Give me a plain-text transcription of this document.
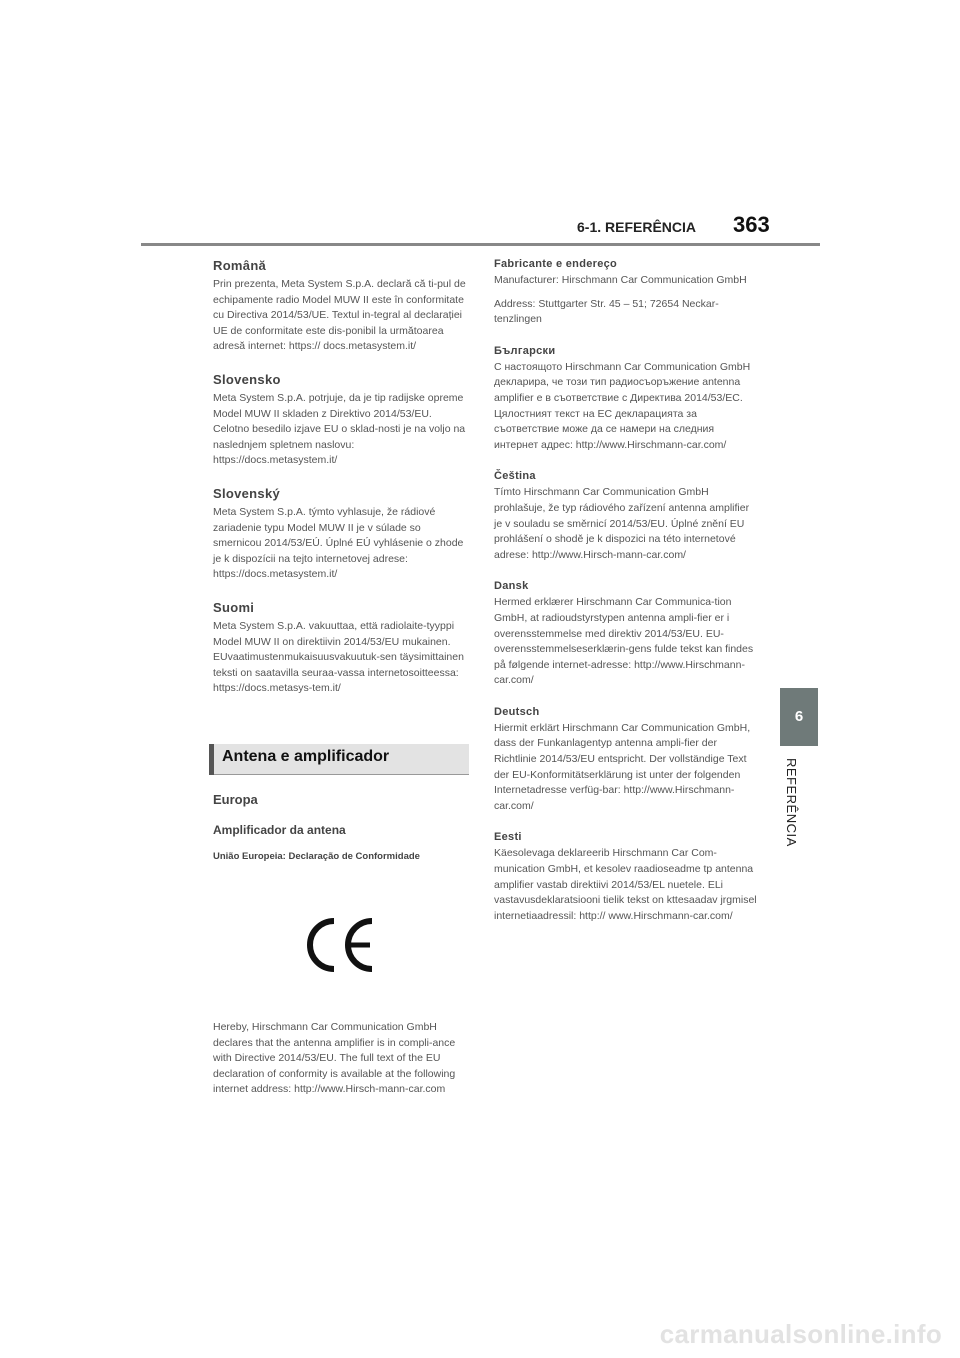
6-1. REFERÊNCIA 363
6
REFERÊNCIA
Română
Prin prezenta, Meta System S.p.A. declară că ti-pul de echipamente radio Model MUW II este în conformitate cu Directiva 2014/53/UE. Textul in-tegral al declarației UE de conformitate este dis-ponibil la următoarea adresă internet: https:// docs.metasystem.it/
Slovensko
Meta System S.p.A. potrjuje, da je tip radijske opreme Model MUW II skladen z Direktivo 2014/53/EU. Celotno besedilo izjave EU o sklad-nosti je na voljo na naslednjem spletnem naslovu: https://docs.metasystem.it/
Slovenský
Meta System S.p.A. týmto vyhlasuje, že rádiové zariadenie typu Model MUW II je v súlade so smernicou 2014/53/EÚ. Úplné EÚ vyhlásenie o zhode je k dispozícii na tejto internetovej adrese: https://docs.metasystem.it/
Suomi
Meta System S.p.A. vakuuttaa, että radiolaite-tyyppi Model MUW II on direktiivin 2014/53/EU mukainen. EUvaatimustenmukaisuusvakuutuk-sen täysimittainen teksti on saatavilla seuraa-vassa internetosoitteessa: https://docs.metasys-tem.it/
Antena e amplificador
Europa
Amplificador da antena
União Europeia: Declaração de Conformidade
Hereby, Hirschmann Car Communication GmbH declares that the antenna amplifier is in compli-ance with Directive 2014/53/EU. The full text of the EU declaration of conformity is available at the following internet address: http://www.Hirsch-mann-car.com
Fabricante e endereço
Manufacturer: Hirschmann Car Communication GmbH
Address: Stuttgarter Str. 45 – 51; 72654 Neckar-tenzlingen
Български
С настоящото Hirschmann Car Communication GmbH декларира, че този тип радиосъоръжение antenna amplifier е в съответствие с Директива 2014/53/ЕС. Цялостният текст на ЕС декларацията за съответствие може да се намери на следния интернет адрес: http://www.Hirschmann-car.com/
Čeština
Tímto Hirschmann Car Communication GmbH prohlašuje, že typ rádiového zařízení antenna amplifier je v souladu se směrnicí 2014/53/EU. Úplné znění EU prohlášení o shodě je k dispozici na této internetové adrese: http://www.Hirsch-mann-car.com/
Dansk
Hermed erklærer Hirschmann Car Communica-tion GmbH, at radioudstyrstypen antenna ampli-fier er i overensstemmelse med direktiv 2014/53/EU. EU-overensstemmelseserklærin-gens fulde tekst kan findes på følgende internet-adresse: http://www.Hirschmann-car.com/
Deutsch
Hiermit erklärt Hirschmann Car Communication GmbH, dass der Funkanlagentyp antenna ampli-fier der Richtlinie 2014/53/EU entspricht. Der vollständige Text der EU-Konformitätserklärung ist unter der folgenden Internetadresse verfüg-bar: http://www.Hirschmann-car.com/
Eesti
Käesolevaga deklareerib Hirschmann Car Com-munication GmbH, et kesolev raadioseadme tp antenna amplifier vastab direktiivi 2014/53/EL nuetele. ELi vastavusdeklaratsiooni tielik tekst on kttesaadav jrgmisel internetiaadressil: http:// www.Hirschmann-car.com/
carmanualsonline.info
